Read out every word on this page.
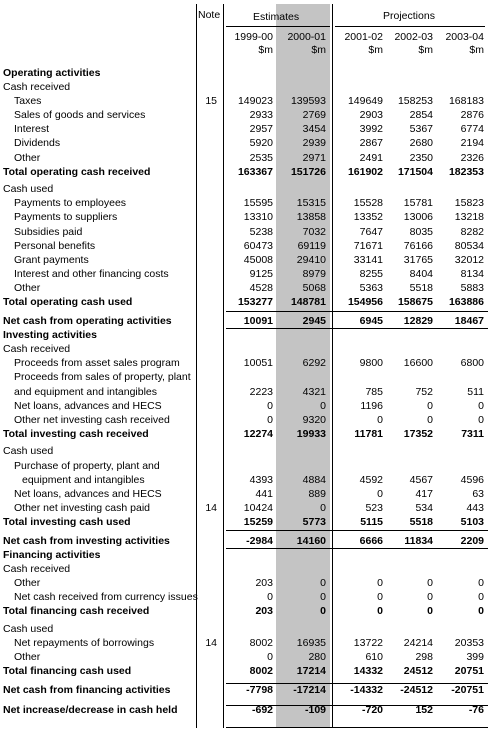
Note	Estimates	Projections
1999-00	2000-01	2001-02	2002-03	2003-04
$m	$m	$m	$m	$m
Operating activities
Cash received
Taxes	15	149023	139593	149649	158253	168183
Sales of goods and services	2933	2769	2903	2854	2876
Interest	2957	3454	3992	5367	6774
Dividends	5920	2939	2867	2680	2194
Other	2535	2971	2491	2350	2326
Total operating cash received	163367	151726	161902	171504	182353
Cash used
Payments to employees	15595	15315	15528	15781	15823
Payments to suppliers	13310	13858	13352	13006	13218
Subsidies paid	5238	7032	7647	8035	8282
Personal benefits	60473	69119	71671	76166	80534
Grant payments	45008	29410	33141	31765	32012
Interest and other financing costs	9125	8979	8255	8404	8134
Other	4528	5068	5363	5518	5883
Total operating cash used	153277	148781	154956	158675	163886
Net cash from operating activities	10091	2945	6945	12829	18467
Investing activities
Cash received
Proceeds from asset sales program	10051	6292	9800	16600	6800
Proceeds from sales of property, plant
and equipment and intangibles	2223	4321	785	752	511
Net loans, advances and HECS	0	0	1196	0	0
Other net investing cash received	0	9320	0	0	0
Total investing cash received	12274	19933	11781	17352	7311
Cash used
Purchase of property, plant and
equipment and intangibles	4393	4884	4592	4567	4596
Net loans, advances and HECS	441	889	0	417	63
Other net investing cash paid	14	10424	0	523	534	443
Total investing cash used	15259	5773	5115	5518	5103
Net cash from investing activities	-2984	14160	6666	11834	2209
Financing activities
Cash received
Other	203	0	0	0	0
Net cash received from currency issues	0	0	0	0	0
Total financing cash received	203	0	0	0	0
Cash used
Net repayments of borrowings	14	8002	16935	13722	24214	20353
Other	0	280	610	298	399
Total financing cash used	8002	17214	14332	24512	20751
Net cash from financing activities	-7798	-17214	-14332	-24512	-20751
Net increase/decrease in cash held	-692	-109	-720	152	-76
